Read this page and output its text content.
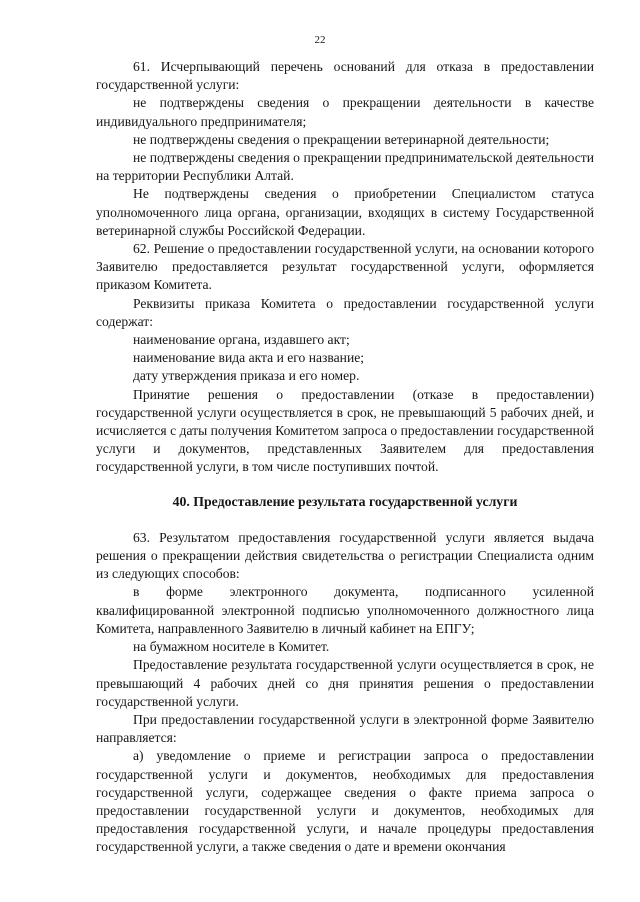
22

61. Исчерпывающий перечень оснований для отказа в предоставлении государственной услуги:

не подтверждены сведения о прекращении деятельности в качестве индивидуального предпринимателя;

не подтверждены сведения о прекращении ветеринарной деятельности;

не подтверждены сведения о прекращении предпринимательской деятельности на территории Республики Алтай.

Не подтверждены сведения о приобретении Специалистом статуса уполномоченного лица органа, организации, входящих в систему Государственной ветеринарной службы Российской Федерации.

62. Решение о предоставлении государственной услуги, на основании которого Заявителю предоставляется результат государственной услуги, оформляется приказом Комитета.

Реквизиты приказа Комитета о предоставлении государственной услуги содержат:

наименование органа, издавшего акт;

наименование вида акта и его название;

дату утверждения приказа и его номер.

Принятие решения о предоставлении (отказе в предоставлении) государственной услуги осуществляется в срок, не превышающий 5 рабочих дней, и исчисляется с даты получения Комитетом запроса о предоставлении государственной услуги и документов, представленных Заявителем для предоставления государственной услуги, в том числе поступивших почтой.

40. Предоставление результата государственной услуги

63. Результатом предоставления государственной услуги является выдача решения о прекращении действия свидетельства о регистрации Специалиста одним из следующих способов:

в форме электронного документа, подписанного усиленной квалифицированной электронной подписью уполномоченного должностного лица Комитета, направленного Заявителю в личный кабинет на ЕПГУ;

на бумажном носителе в Комитет.

Предоставление результата государственной услуги осуществляется в срок, не превышающий 4 рабочих дней со дня принятия решения о предоставлении государственной услуги.

При предоставлении государственной услуги в электронной форме Заявителю направляется:

а) уведомление о приеме и регистрации запроса о предоставлении государственной услуги и документов, необходимых для предоставления государственной услуги, содержащее сведения о факте приема запроса о предоставлении государственной услуги и документов, необходимых для предоставления государственной услуги, и начале процедуры предоставления государственной услуги, а также сведения о дате и времени окончания
